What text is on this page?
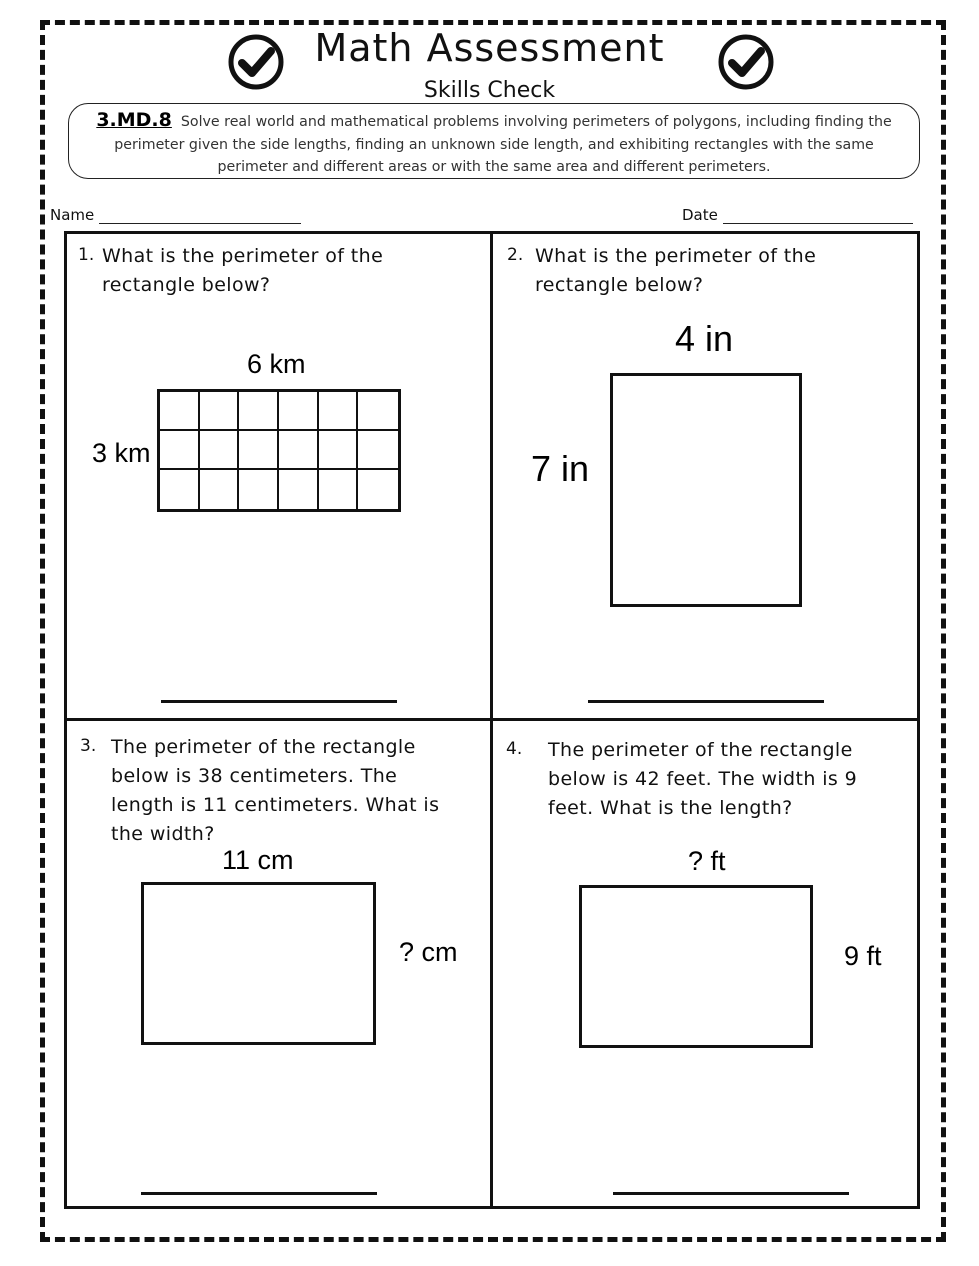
Math Assessment
Skills Check
3.MD.8 Solve real world and mathematical problems involving perimeters of polygons, including finding the perimeter given the side lengths, finding an unknown side length, and exhibiting rectangles with the same perimeter and different areas or with the same area and different perimeters.
Name	Date
1. What is the perimeter of the rectangle below?
6 km
3 km
2. What is the perimeter of the rectangle below?
4 in
7 in
3. The perimeter of the rectangle below is 38 centimeters. The length is 11 centimeters. What is the width?
11 cm
? cm
4. The perimeter of the rectangle below is 42 feet. The width is 9 feet. What is the length?
? ft
9 ft
